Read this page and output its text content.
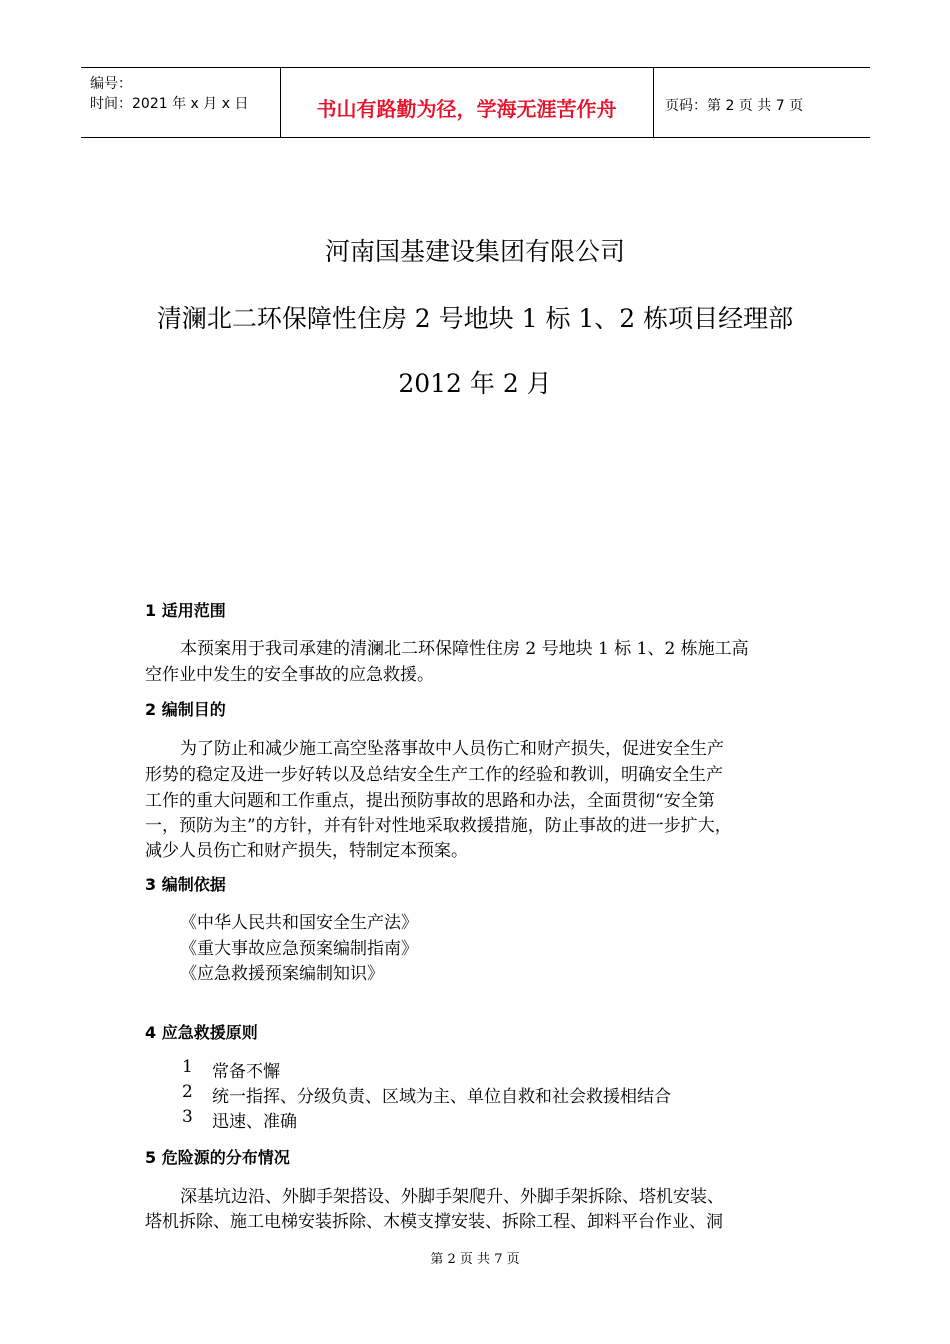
编号：
时间：2021 年 x 月 x 日	书山有路勤为径，学海无涯苦作舟	页码：第 2 页 共 7 页
河南国基建设集团有限公司
清澜北二环保障性住房 2 号地块 1 标 1、2 栋项目经理部
2012 年 2 月
1 适用范围
本预案用于我司承建的清澜北二环保障性住房 2 号地块 1 标 1、2 栋施工高
空作业中发生的安全事故的应急救援。
2 编制目的
为了防止和减少施工高空坠落事故中人员伤亡和财产损失，促进安全生产
形势的稳定及进一步好转以及总结安全生产工作的经验和教训，明确安全生产
工作的重大问题和工作重点，提出预防事故的思路和办法，全面贯彻“安全第
一，预防为主”的方针，并有针对性地采取救援措施，防止事故的进一步扩大，
减少人员伤亡和财产损失，特制定本预案。
3 编制依据
《中华人民共和国安全生产法》
《重大事故应急预案编制指南》
《应急救援预案编制知识》
4 应急救援原则
1 常备不懈
2 统一指挥、分级负责、区域为主、单位自救和社会救援相结合
3 迅速、准确
5 危险源的分布情况
深基坑边沿、外脚手架搭设、外脚手架爬升、外脚手架拆除、塔机安装、
塔机拆除、施工电梯安装拆除、木模支撑安装、拆除工程、卸料平台作业、洞
第 2 页 共 7 页
